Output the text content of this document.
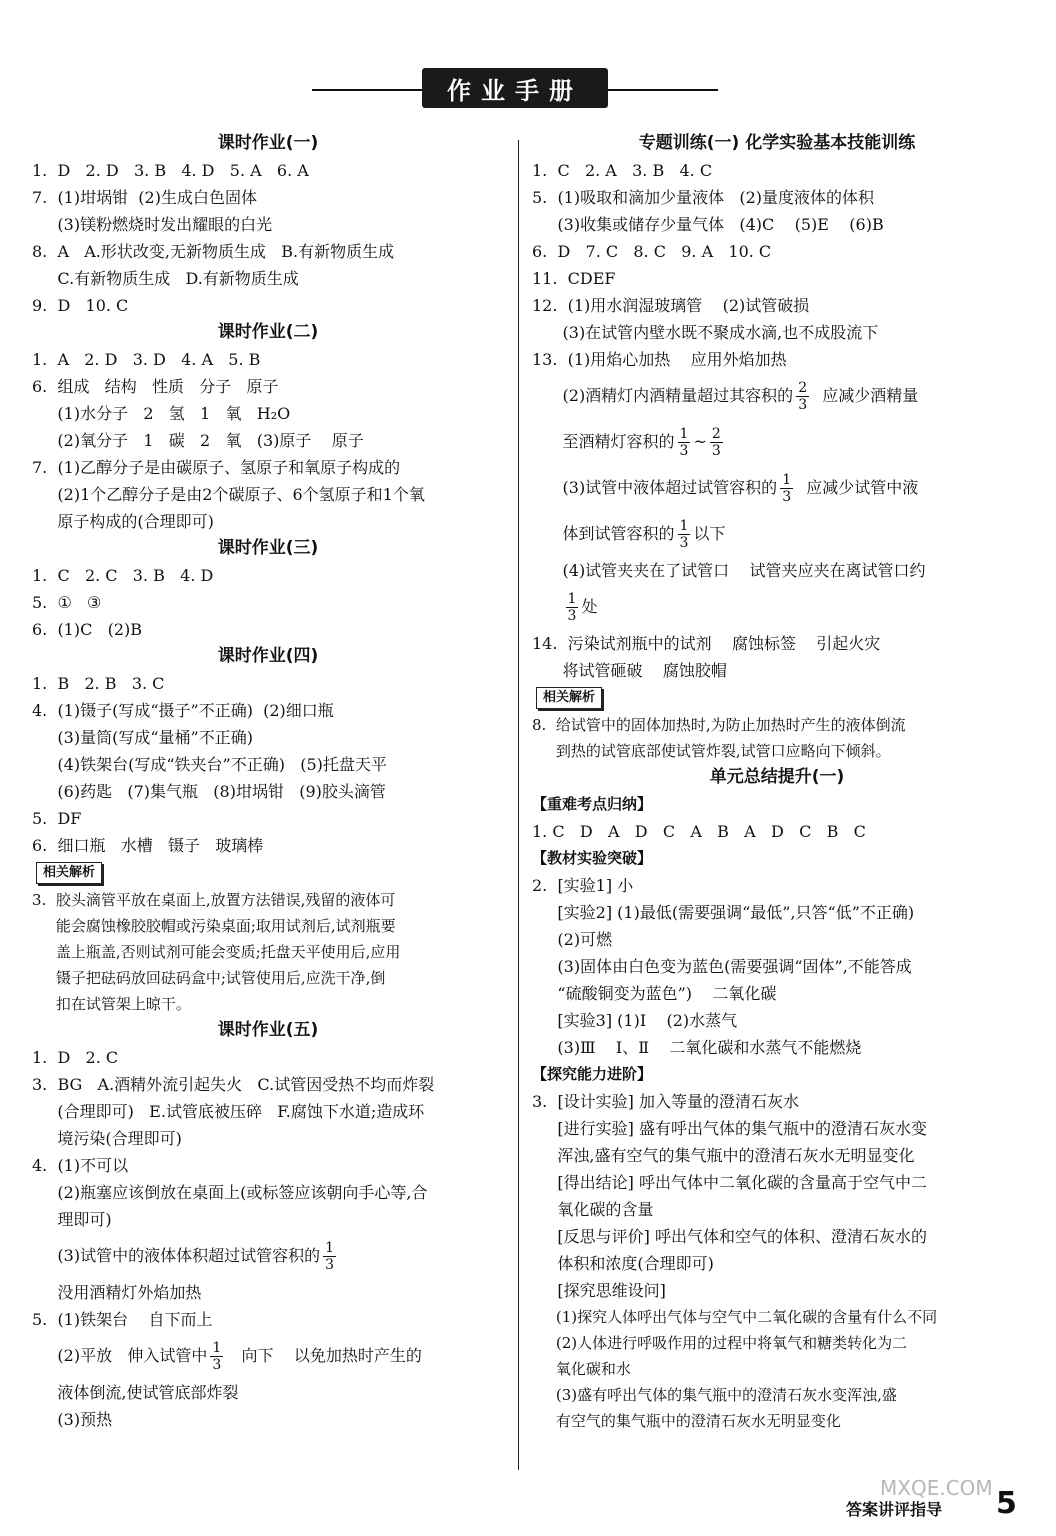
作业手册
课时作业(一)
1.  D   2. D   3. B   4. D   5. A   6. A
7.  (1)坩埚钳  (2)生成白色固体
(3)镁粉燃烧时发出耀眼的白光
8.  A   A.形状改变,无新物质生成   B.有新物质生成
C.有新物质生成   D.有新物质生成
9.  D   10. C
课时作业(二)
1.  A   2. D   3. D   4. A   5. B
6.  组成   结构   性质   分子   原子
(1)水分子   2   氢   1   氧   H₂O
(2)氧分子   1   碳   2   氧   (3)原子    原子
7.  (1)乙醇分子是由碳原子、氢原子和氧原子构成的
(2)1个乙醇分子是由2个碳原子、6个氢原子和1个氧
原子构成的(合理即可)
课时作业(三)
1.  C   2. C   3. B   4. D
5.  ①   ③
6.  (1)C   (2)B
课时作业(四)
1.  B   2. B   3. C
4.  (1)镊子(写成“摄子”不正确)  (2)细口瓶
(3)量筒(写成“量桶”不正确)
(4)铁架台(写成“铁夹台”不正确)   (5)托盘天平
(6)药匙   (7)集气瓶   (8)坩埚钳   (9)胶头滴管
5.  DF
6.  细口瓶   水槽   镊子   玻璃棒
相关解析
3.  胶头滴管平放在桌面上,放置方法错误,残留的液体可
能会腐蚀橡胶胶帽或污染桌面;取用试剂后,试剂瓶要
盖上瓶盖,否则试剂可能会变质;托盘天平使用后,应用
镊子把砝码放回砝码盒中;试管使用后,应洗干净,倒
扣在试管架上晾干。
课时作业(五)
1.  D   2. C
3.  BG   A.酒精外流引起失火   C.试管因受热不均而炸裂
(合理即可)   E.试管底被压碎   F.腐蚀下水道;造成环
境污染(合理即可)
4.  (1)不可以
(2)瓶塞应该倒放在桌面上(或标签应该朝向手心等,合
理即可)
(3)试管中的液体体积超过试管容积的 $\frac{1}{3}$
没用酒精灯外焰加热
5.  (1)铁架台    自下而上
(2)平放   伸入试管中 $\frac{1}{3}$ 向下    以免加热时产生的
液体倒流,使试管底部炸裂
(3)预热
专题训练(一) 化学实验基本技能训练
1.  C   2. A   3. B   4. C
5.  (1)吸取和滴加少量液体   (2)量度液体的体积
(3)收集或储存少量气体   (4)C    (5)E    (6)B
6.  D   7. C   8. C   9. A   10. C
11.  CDEF
12.  (1)用水润湿玻璃管    (2)试管破损
(3)在试管内壁水既不聚成水滴,也不成股流下
13.  (1)用焰心加热    应用外焰加热
(2)酒精灯内酒精量超过其容积的 $\frac{2}{3}$ 应减少酒精量
至酒精灯容积的 $\frac{1}{3}$ ~ $\frac{2}{3}$
(3)试管中液体超过试管容积的 $\frac{1}{3}$ 应减少试管中液
体到试管容积的 $\frac{1}{3}$ 以下
(4)试管夹夹在了试管口    试管夹应夹在离试管口约

$\frac{1}{3}$ 处
14.  污染试剂瓶中的试剂    腐蚀标签    引起火灾
将试管砸破    腐蚀胶帽
相关解析
8.  给试管中的固体加热时,为防止加热时产生的液体倒流
到热的试管底部使试管炸裂,试管口应略向下倾斜。
单元总结提升(一)
【重难考点归纳】
1. C   D   A   D   C   A   B   A   D   C   B   C
【教材实验突破】
2.  [实验1] 小
[实验2] (1)最低(需要强调“最低”,只答“低”不正确)
(2)可燃
(3)固体由白色变为蓝色(需要强调“固体”,不能答成
“硫酸铜变为蓝色”)    二氧化碳
[实验3] (1)Ⅰ    (2)水蒸气
(3)Ⅲ    Ⅰ、Ⅱ    二氧化碳和水蒸气不能燃烧
【探究能力进阶】
3.  [设计实验] 加入等量的澄清石灰水
[进行实验] 盛有呼出气体的集气瓶中的澄清石灰水变
浑浊,盛有空气的集气瓶中的澄清石灰水无明显变化
[得出结论] 呼出气体中二氧化碳的含量高于空气中二
氧化碳的含量
[反思与评价] 呼出气体和空气的体积、澄清石灰水的
体积和浓度(合理即可)
[探究思维设问]
(1)探究人体呼出气体与空气中二氧化碳的含量有什么不同
(2)人体进行呼吸作用的过程中将氧气和糖类转化为二
氧化碳和水
(3)盛有呼出气体的集气瓶中的澄清石灰水变浑浊,盛
有空气的集气瓶中的澄清石灰水无明显变化
MXQE.COM
答案讲评指导 5
